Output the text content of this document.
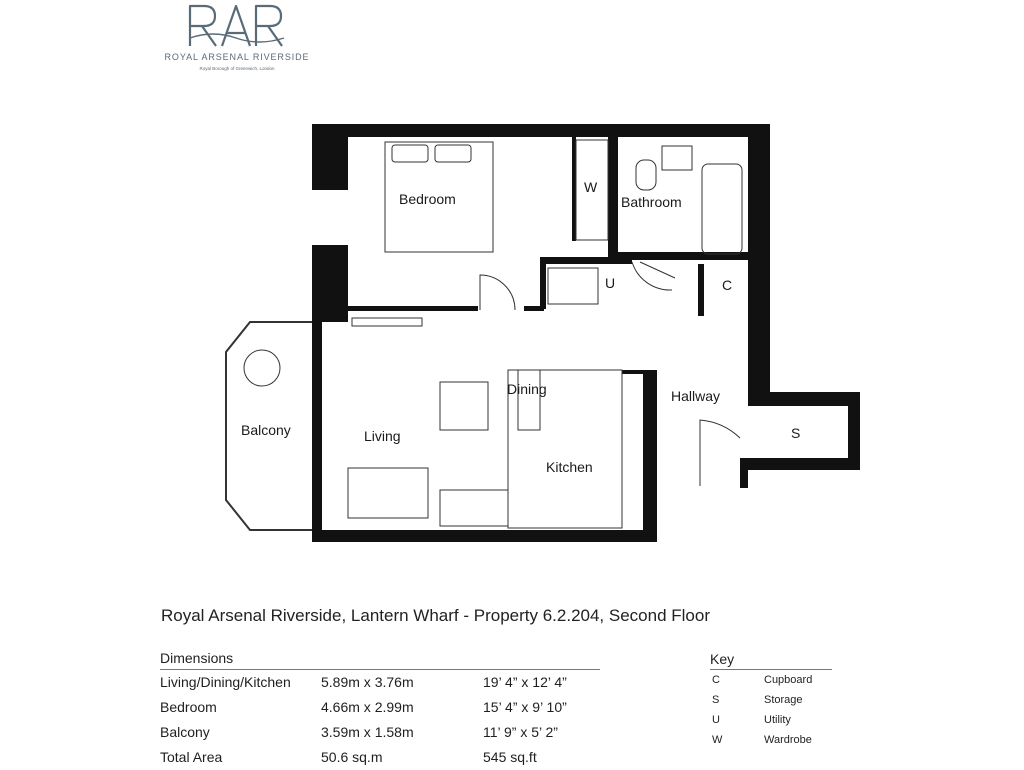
ROYAL ARSENAL RIVERSIDE
Royal Borough of Greenwich, London
Bedroom
W
Bathroom
U	C
Dining	Hallway
Balcony	Living
Kitchen
S
Royal Arsenal Riverside, Lantern Wharf - Property 6.2.204, Second Floor
Dimensions
Living/Dining/Kitchen 5.89m x 3.76m	19’ 4” x 12’ 4”
Bedroom	4.66m x 2.99m	15’ 4” x 9’ 10”
Balcony	3.59m x 1.58m	11’ 9” x 5’ 2”
Total Area	50.6 sq.m	545 sq.ft
Key
C	Cupboard
S	Storage
U	Utility
W	Wardrobe
